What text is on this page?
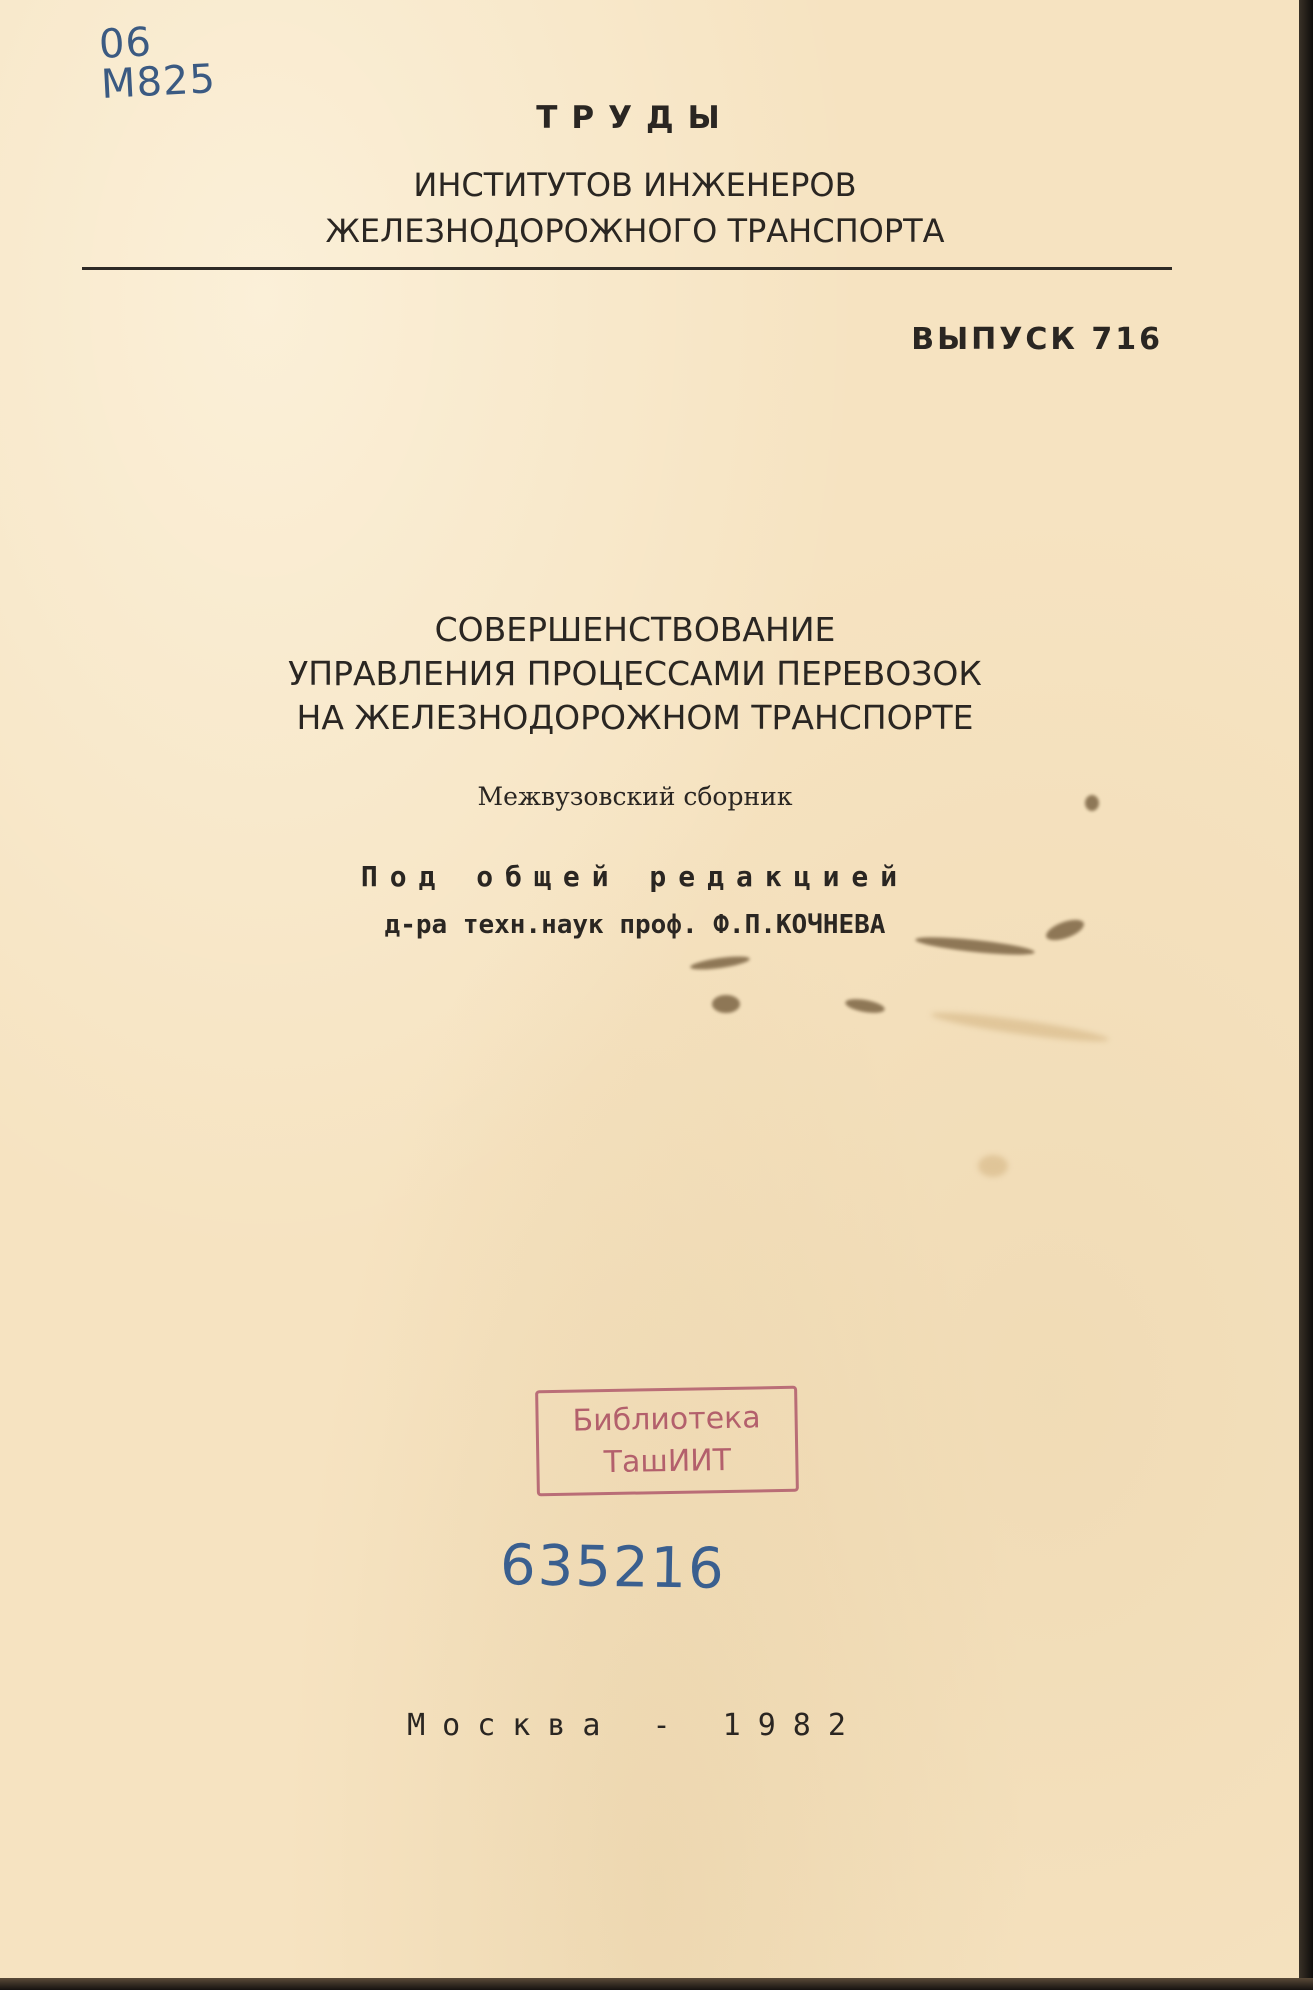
06
M825
ТРУДЫ
ИНСТИТУТОВ ИНЖЕНЕРОВ
ЖЕЛЕЗНОДОРОЖНОГО ТРАНСПОРТА
ВЫПУСК 716
СОВЕРШЕНСТВОВАНИЕ
УПРАВЛЕНИЯ ПРОЦЕССАМИ ПЕРЕВОЗОК
НА ЖЕЛЕЗНОДОРОЖНОМ ТРАНСПОРТЕ
Межвузовский сборник
Под общей редакцией
д-ра техн.наук проф. Ф.П.КОЧНЕВА
Библиотека
ТашИИТ
635216
Москва - 1982
